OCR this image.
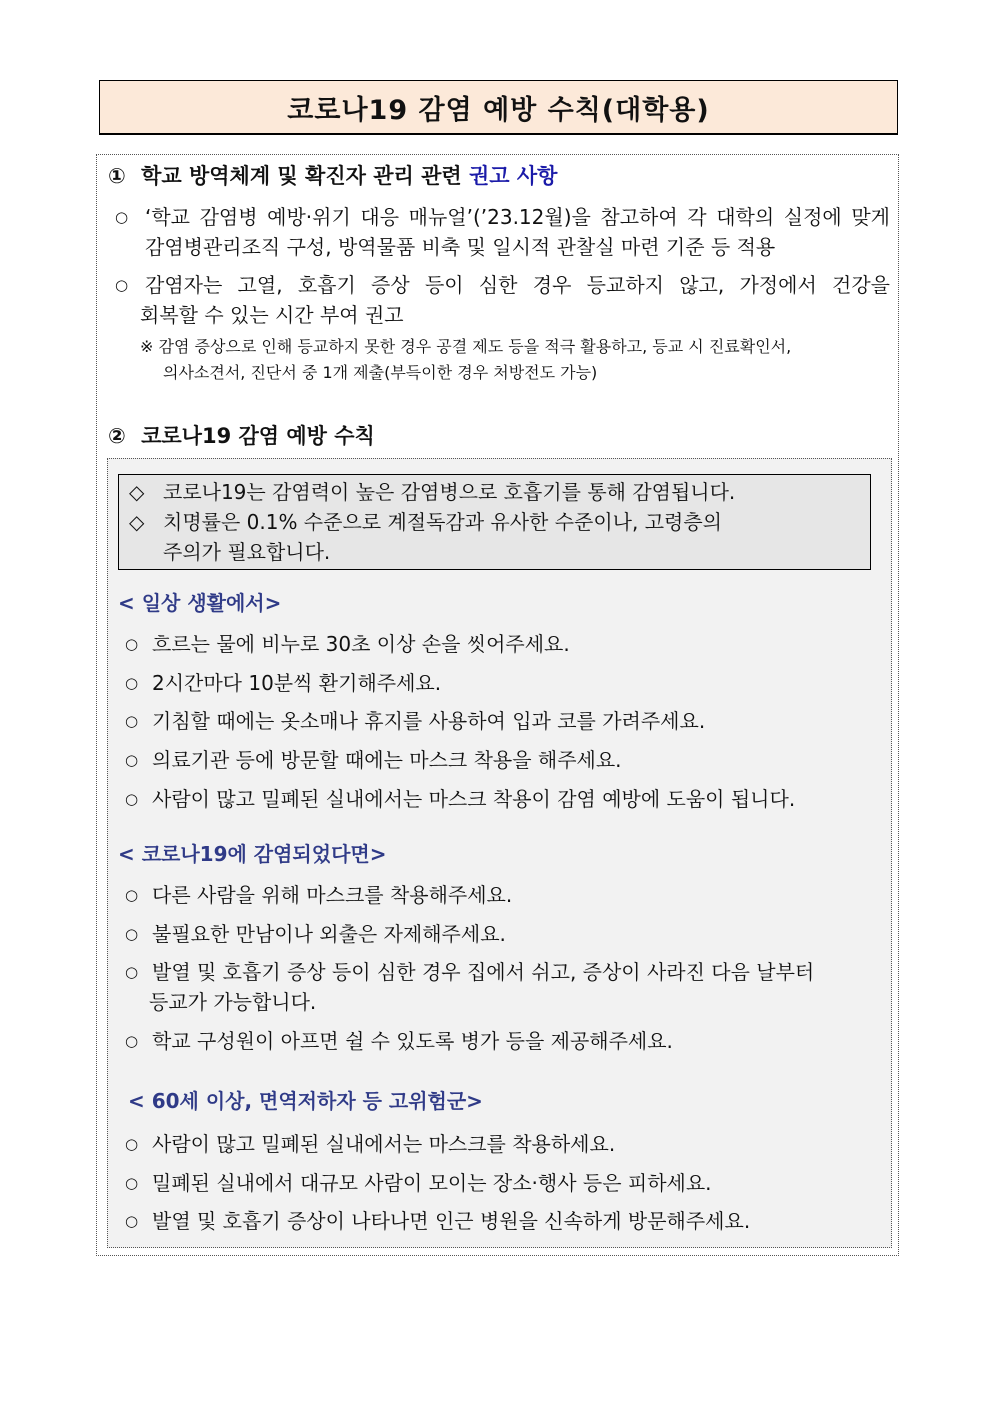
코로나19 감염 예방 수칙(대학용)
① 학교 방역체계 및 확진자 관리 관련 권고 사항
○ ‘학교 감염병 예방·위기 대응 매뉴얼’(’23.12월)을 참고하여 각 대학의 실정에 맞게
감염병관리조직 구성, 방역물품 비축 및 일시적 관찰실 마련 기준 등 적용
○ 감염자는 고열, 호흡기 증상 등이 심한 경우 등교하지 않고, 가정에서 건강을
회복할 수 있는 시간 부여 권고
※ 감염 증상으로 인해 등교하지 못한 경우 공결 제도 등을 적극 활용하고, 등교 시 진료확인서,
의사소견서, 진단서 중 1개 제출(부득이한 경우 처방전도 가능)
② 코로나19 감염 예방 수칙
◇ 코로나19는 감염력이 높은 감염병으로 호흡기를 통해 감염됩니다.
◇ 치명률은 0.1% 수준으로 계절독감과 유사한 수준이나, 고령층의
주의가 필요합니다.
< 일상 생활에서>
○ 흐르는 물에 비누로 30초 이상 손을 씻어주세요.
○ 2시간마다 10분씩 환기해주세요.
○ 기침할 때에는 옷소매나 휴지를 사용하여 입과 코를 가려주세요.
○ 의료기관 등에 방문할 때에는 마스크 착용을 해주세요.
○ 사람이 많고 밀폐된 실내에서는 마스크 착용이 감염 예방에 도움이 됩니다.
< 코로나19에 감염되었다면>
○ 다른 사람을 위해 마스크를 착용해주세요.
○ 불필요한 만남이나 외출은 자제해주세요.
○ 발열 및 호흡기 증상 등이 심한 경우 집에서 쉬고, 증상이 사라진 다음 날부터
등교가 가능합니다.
○ 학교 구성원이 아프면 쉴 수 있도록 병가 등을 제공해주세요.
< 60세 이상, 면역저하자 등 고위험군>
○ 사람이 많고 밀폐된 실내에서는 마스크를 착용하세요.
○ 밀폐된 실내에서 대규모 사람이 모이는 장소·행사 등은 피하세요.
○ 발열 및 호흡기 증상이 나타나면 인근 병원을 신속하게 방문해주세요.
